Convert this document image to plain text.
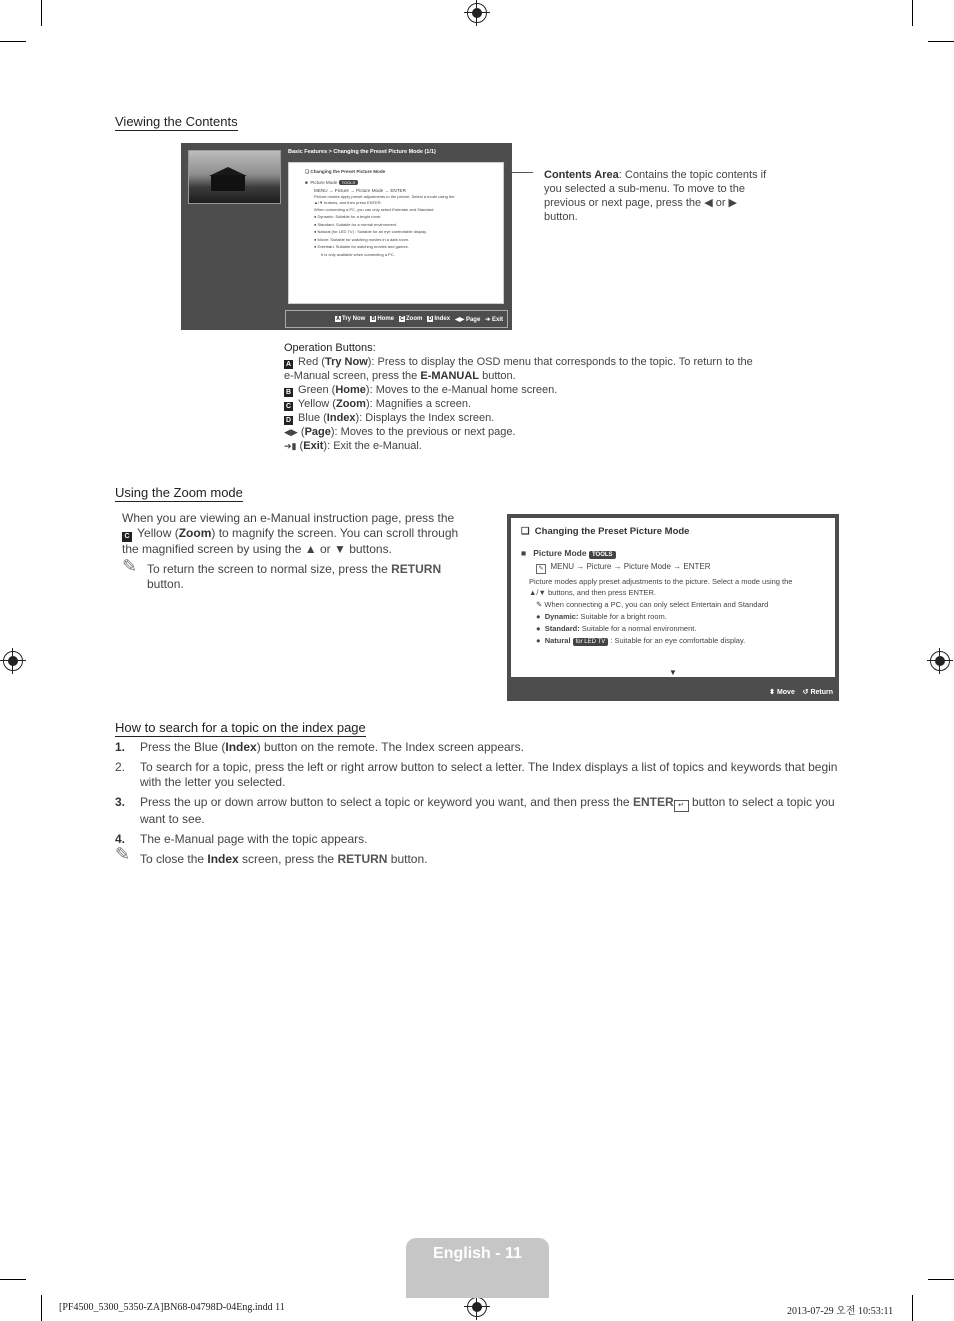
Viewing the Contents
Basic Features > Changing the Preset Picture Mode (1/1)
❑ Changing the Preset Picture Mode
■  Picture Mode TOOLS
MENU → Picture → Picture Mode → ENTER
Picture modes apply preset adjustments to the picture. Select a mode using the
▲/▼ buttons, and then press ENTER.
When connecting a PC, you can only select Entertain and Standard.
● Dynamic: Suitable for a bright room.
● Standard: Suitable for a normal environment.
● Natural (for LED TV) : Suitable for an eye comfortable display.
● Movie: Suitable for watching movies in a dark room.
● Entertain: Suitable for watching movies and games.
It is only available when connecting a PC.
A Try Now B Home C Zoom D Index ◀▶ Page ➔ Exit
Contents Area: Contains the topic contents if you selected a sub-menu. To move to the previous or next page, press the ◀ or ▶ button.
Operation Buttons:
A Red (Try Now): Press to display the OSD menu that corresponds to the topic. To return to the e-Manual screen, press the E-MANUAL button.
B Green (Home): Moves to the e-Manual home screen.
C Yellow (Zoom): Magnifies a screen.
D Blue (Index): Displays the Index screen.
◀▶ (Page): Moves to the previous or next page.
➔▮ (Exit): Exit the e-Manual.
Using the Zoom mode
When you are viewing an e-Manual instruction page, press the C Yellow (Zoom) to magnify the screen. You can scroll through the magnified screen by using the ▲ or ▼ buttons.
✎ To return the screen to normal size, press the RETURN button.
❑  Changing the Preset Picture Mode
■   Picture Mode TOOLS
✎ MENU → Picture → Picture Mode → ENTER
Picture modes apply preset adjustments to the picture. Select a mode using the
▲/▼ buttons, and then press ENTER.
✎ When connecting a PC, you can only select Entertain and Standard
●  Dynamic: Suitable for a bright room.
●  Standard: Suitable for a normal environment.
●  Natural for LED TV : Suitable for an eye comfortable display.
▼
⬍ Move ↺ Return
How to search for a topic on the index page
1. Press the Blue (Index) button on the remote. The Index screen appears.
2. To search for a topic, press the left or right arrow button to select a letter. The Index displays a list of topics and keywords that begin with the letter you selected.
3. Press the up or down arrow button to select a topic or keyword you want, and then press the ENTER ↵ button to select a topic you want to see.
4. The e-Manual page with the topic appears.
✎ To close the Index screen, press the RETURN button.
English - 11
[PF4500_5300_5350-ZA]BN68-04798D-04Eng.indd 11	2013-07-29 오전 10:53:11
